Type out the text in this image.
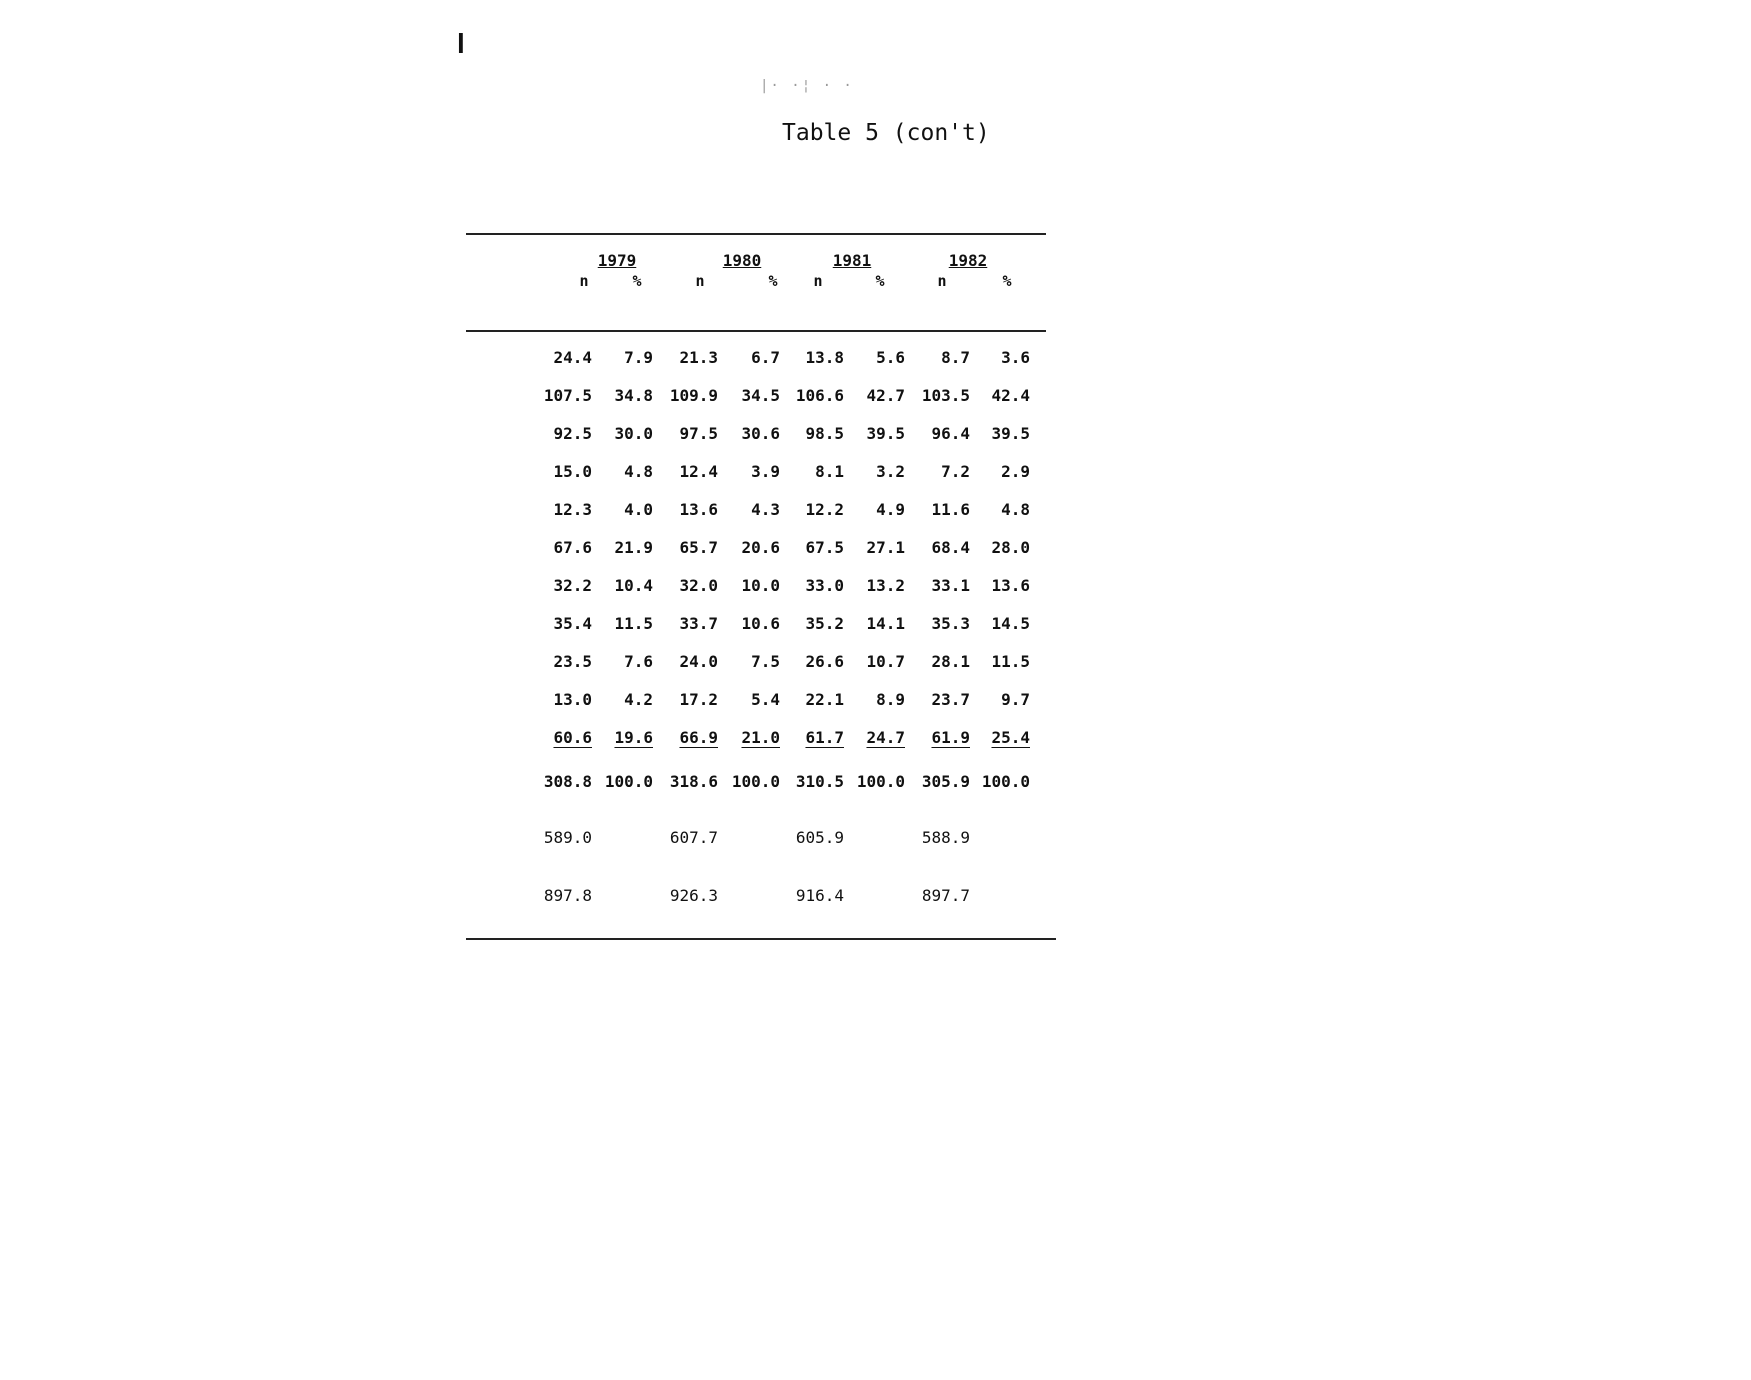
l
|· ·¦ · ·
Table 5 (con't)
1979
n	%
1980
n	%
1981
n	%
1982
n	%
24.4	7.9	21.3	6.7	13.8	5.6	8.7	3.6
107.5	34.8	109.9	34.5 106.6	42.7	103.5	42.4
92.5	30.0	97.5	30.6	98.5	39.5	96.4	39.5
15.0	4.8	12.4	3.9	8.1	3.2	7.2	2.9
12.3	4.0	13.6	4.3	12.2	4.9	11.6	4.8
67.6	21.9	65.7	20.6	67.5	27.1	68.4	28.0
32.2	10.4	32.0	10.0	33.0	13.2	33.1	13.6
35.4	11.5	33.7	10.6	35.2	14.1	35.3	14.5
23.5	7.6	24.0	7.5	26.6	10.7	28.1	11.5
13.0	4.2	17.2	5.4	22.1	8.9	23.7	9.7
60.6	19.6	66.9	21.0	61.7	24.7	61.9	25.4
308.8 100.0	318.6 100.0 310.5 100.0	305.9 100.0
589.0	607.7	605.9	588.9
897.8	926.3	916.4	897.7
